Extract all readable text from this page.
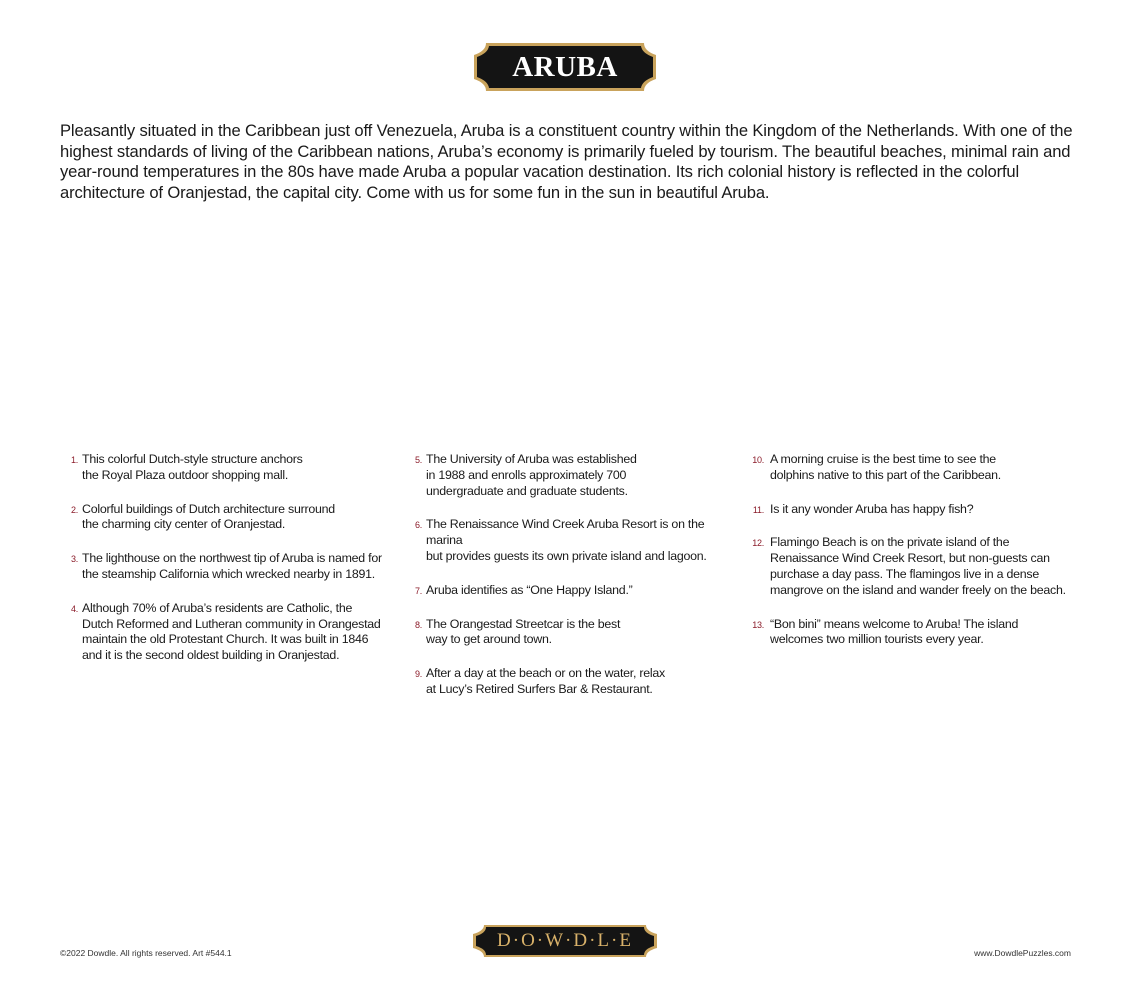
ARUBA

Pleasantly situated in the Caribbean just off Venezuela, Aruba is a constituent country within the Kingdom of the Netherlands. With one of the highest standards of living of the Caribbean nations, Aruba’s economy is primarily fueled by tourism. The beautiful beaches, minimal rain and year-round temperatures in the 80s have made Aruba a popular vacation destination. Its rich colonial history is reflected in the colorful architecture of Oranjestad, the capital city. Come with us for some fun in the sun in beautiful Aruba.

1. This colorful Dutch-style structure anchors
the Royal Plaza outdoor shopping mall.
2. Colorful buildings of Dutch architecture surround
the charming city center of Oranjestad.
3. The lighthouse on the northwest tip of Aruba is named for
the steamship California which wrecked nearby in 1891.
4. Although 70% of Aruba’s residents are Catholic, the
Dutch Reformed and Lutheran community in Orangestad
maintain the old Protestant Church. It was built in 1846
and it is the second oldest building in Oranjestad.
5. The University of Aruba was established
in 1988 and enrolls approximately 700
undergraduate and graduate students.
6. The Renaissance Wind Creek Aruba Resort is on the marina
but provides guests its own private island and lagoon.
7. Aruba identifies as “One Happy Island.”
8. The Orangestad Streetcar is the best
way to get around town.
9. After a day at the beach or on the water, relax
at Lucy’s Retired Surfers Bar & Restaurant.
10. A morning cruise is the best time to see the
dolphins native to this part of the Caribbean.
11. Is it any wonder Aruba has happy fish?
12. Flamingo Beach is on the private island of the
Renaissance Wind Creek Resort, but non-guests can
purchase a day pass. The flamingos live in a dense
mangrove on the island and wander freely on the beach.
13. “Bon bini” means welcome to Aruba! The island
welcomes two million tourists every year.
©2022 Dowdle. All rights reserved. Art #544.1
D·O·W·D·L·E
www.DowdlePuzzles.com
